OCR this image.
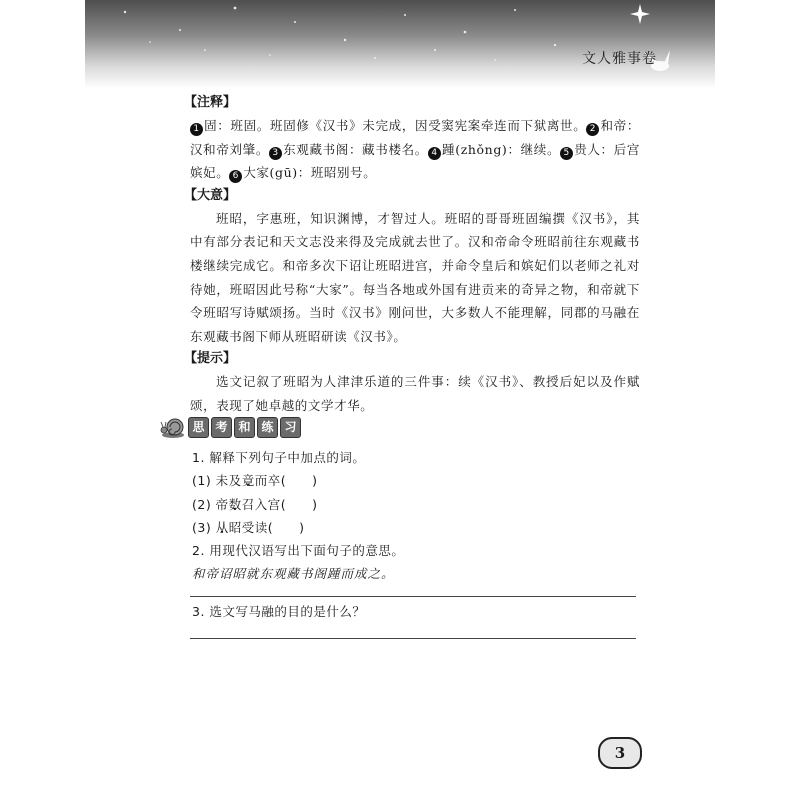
文人雅事卷
【注释】

1 固：班固。班固修《汉书》未完成，因受窦宪案牵连而下狱离世。 2 和帝：汉和帝刘肇。 3 东观藏书阁：藏书楼名。 4 踵(zhǒng)：继续。 5 贵人：后宫嫔妃。 6 大家(gū)：班昭别号。

【大意】

班昭，字惠班，知识渊博，才智过人。班昭的哥哥班固编撰《汉书》，其中有部分表记和天文志没来得及完成就去世了。汉和帝命令班昭前往东观藏书楼继续完成它。和帝多次下诏让班昭进宫，并命令皇后和嫔妃们以老师之礼对待她，班昭因此号称“大家”。每当各地或外国有进贡来的奇异之物，和帝就下令班昭写诗赋颂扬。当时《汉书》刚问世，大多数人不能理解，同郡的马融在东观藏书阁下师从班昭研读《汉书》。

【提示】

选文记叙了班昭为人津津乐道的三件事：续《汉书》、教授后妃以及作赋颂，表现了她卓越的文学才华。

思 考 和 练 习
1. 解释下列句子中加点的词。
(1) 未及竟而卒(　　)
(2) 帝数召入宫(　　)
(3) 从昭受读(　　)
2. 用现代汉语写出下面句子的意思。
和帝诏昭就东观藏书阁踵而成之。
3. 选文写马融的目的是什么？
3
